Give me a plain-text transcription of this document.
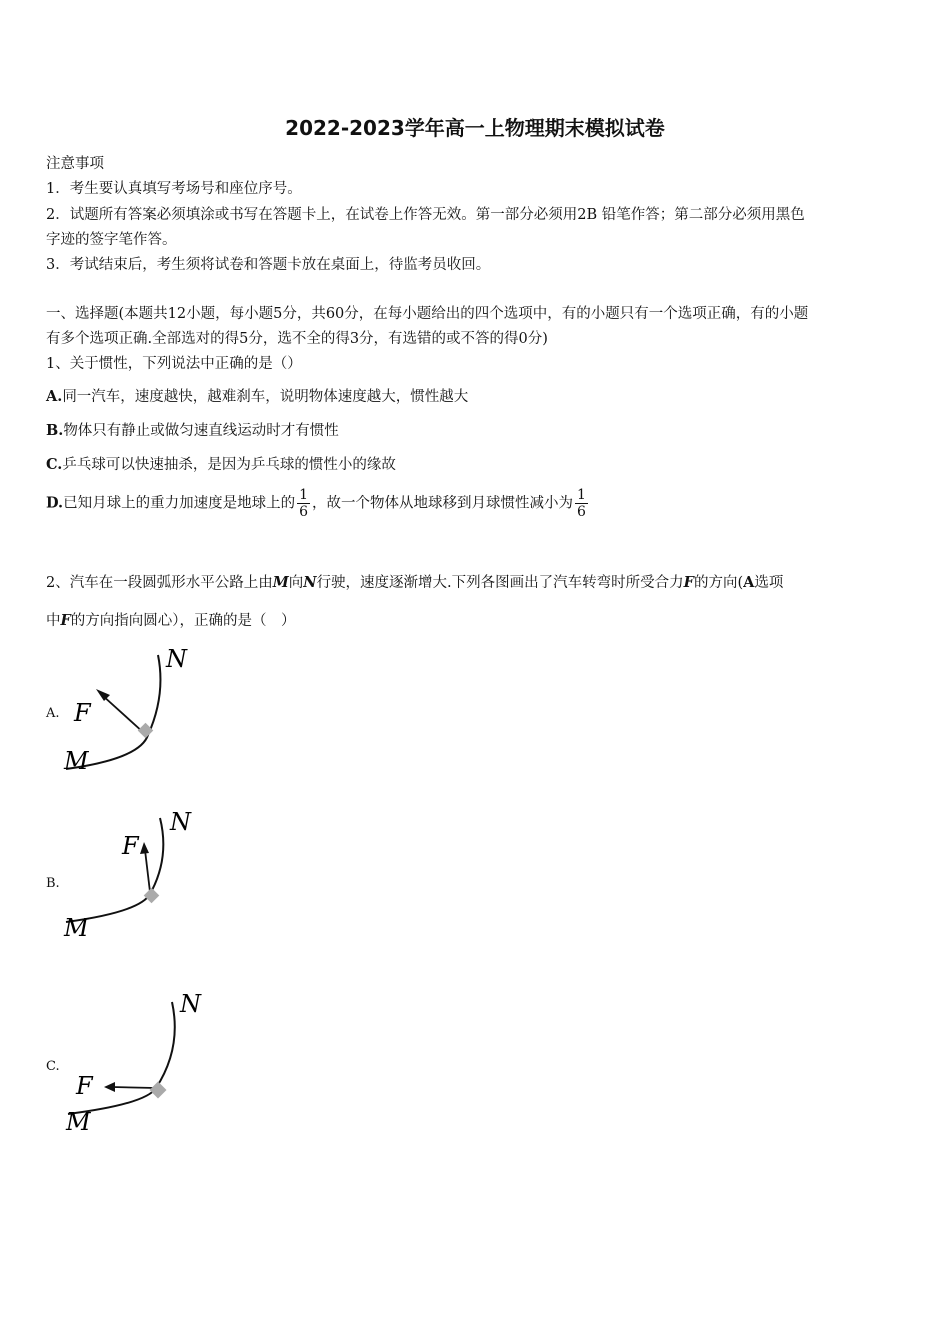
2022-2023学年高一上物理期末模拟试卷
注意事项
1．考生要认真填写考场号和座位序号。
2．试题所有答案必须填涂或书写在答题卡上，在试卷上作答无效。第一部分必须用2B 铅笔作答；第二部分必须用黑色
字迹的签字笔作答。
3．考试结束后，考生须将试卷和答题卡放在桌面上，待监考员收回。
一、选择题(本题共12小题，每小题5分，共60分，在每小题给出的四个选项中，有的小题只有一个选项正确，有的小题
有多个选项正确.全部选对的得5分，选不全的得3分，有选错的或不答的得0分)
1、关于惯性，下列说法中正确的是（）
A.同一汽车，速度越快，越难刹车，说明物体速度越大，惯性越大
B.物体只有静止或做匀速直线运动时才有惯性
C.乒乓球可以快速抽杀，是因为乒乓球的惯性小的缘故
D.已知月球上的重力加速度是地球上的 $\frac{1}{6}$ ，故一个物体从地球移到月球惯性减小为 $\frac{1}{6}$
2、汽车在一段圆弧形水平公路上由M向N行驶，速度逐渐增大.下列各图画出了汽车转弯时所受合力F的方向(A选项
中F的方向指向圆心），正确的是（　）
A.
N
F
M
B.
N
F
M
C.
N
F
M
